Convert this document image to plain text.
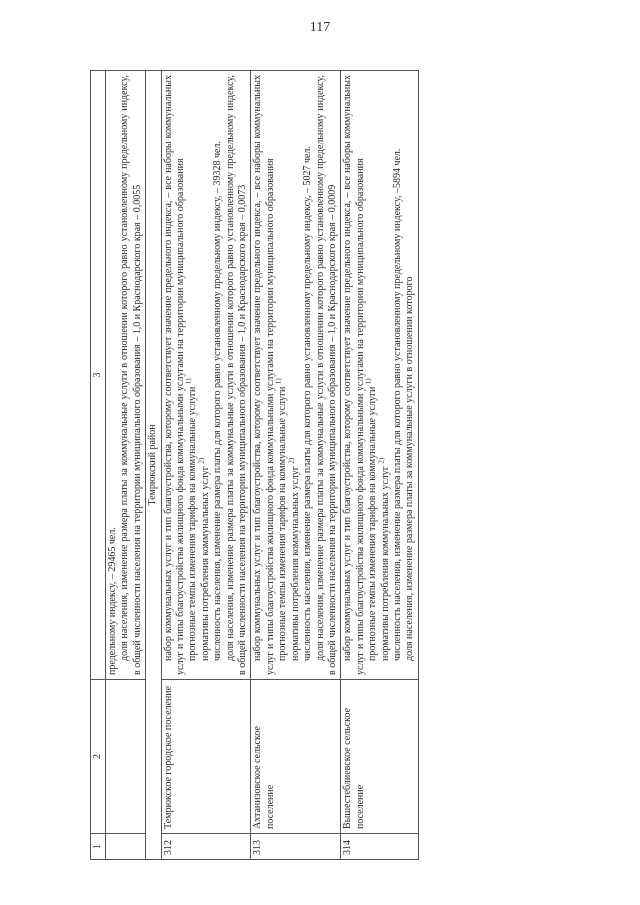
117
1	2	3

		предельному индексу, – 29465 чел. доля населения, изменение размера платы за коммунальные услуги в отношении которого равно установленному предельному индексу, в общей численности населения на территории муниципального образования – 1,0 и Краснодарского края – 0,0055

Темрюкский район		
312	Темрюкское городское поселение	набор коммунальных услуг и тип благоустройства, которому соответствует значение предельного индекса, – все наборы коммунальных услуг и типы благоустройства жилищного фонда коммунальными услугами на территории муниципального образования прогнозные темпы изменения тарифов на коммунальные услуги $^{1)}$

нормативы потребления коммунальных услуг $^{2)}$ численность населения, изменение размера платы для которого равно установленному предельному индексу, – 39328 чел. доля населения, изменение размера платы за коммунальные услуги в отношении которого равно установленному предельному индексу, в общей численности населения на территории муниципального образования – 1,0 и Краснодарского края – 0,0073

313	Ахтанизовское сельское поселение	набор коммунальных услуг и тип благоустройства, которому соответствует значение предельного индекса, – все наборы коммунальных услуг и типы благоустройства жилищного фонда коммунальными услугами на территории муниципального образования прогнозные темпы изменения тарифов на коммунальные услуги $^{1)}$

нормативы потребления коммунальных услуг $^{2)}$ численность населения, изменение размера платы для которого равно установленному предельному индексу, – 5027 чел. доля населения, изменение размера платы за коммунальные услуги в отношении которого равно установленному предельному индексу, в общей численности населения на территории муниципального образования – 1,0 и Краснодарского края – 0,0009

314	Вышестеблиевское сельское поселение	набор коммунальных услуг и тип благоустройства, которому соответствует значение предельного индекса, – все наборы коммунальных услуг и типы благоустройства жилищного фонда коммунальными услугами на территории муниципального образования прогнозные темпы изменения тарифов на коммунальные услуги $^{1)}$

нормативы потребления коммунальных услуг $^{2)}$ численность населения, изменение размера платы для которого равно установленному предельному индексу, –5894 чел. доля населения, изменение размера платы за коммунальные услуги в отношении которого
